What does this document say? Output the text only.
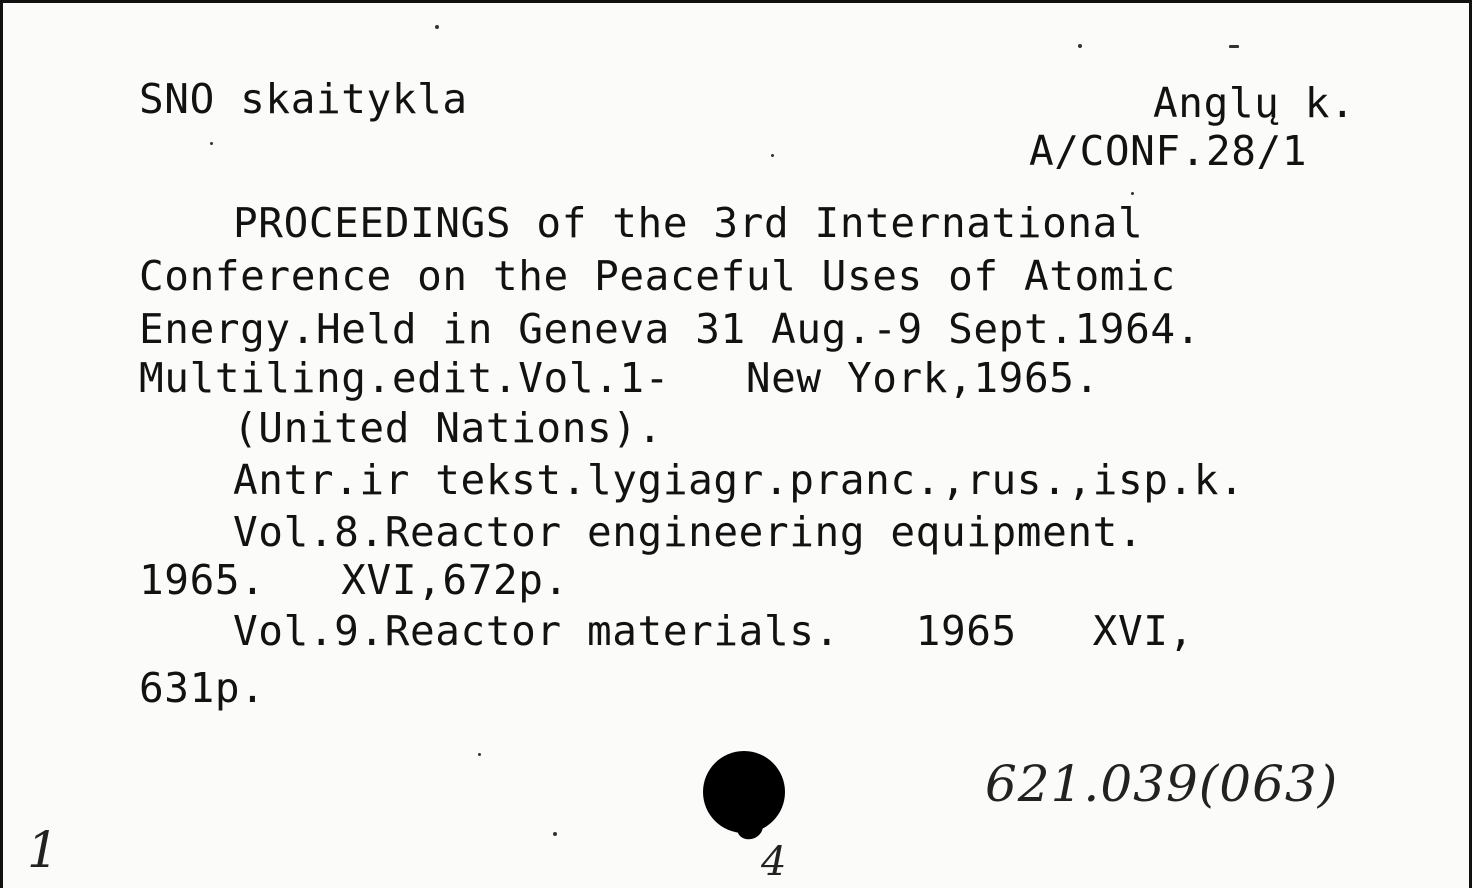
SNO skaitykla	Anglų k.
A/CONF.28/1
PROCEEDINGS of the 3rd International
Conference on the Peaceful Uses of Atomic
Energy.Held in Geneva 31 Aug.-9 Sept.1964.
Multiling.edit.Vol.1-   New York,1965.
(United Nations).
Antr.ir tekst.lygiagr.pranc.,rus.,isp.k.
Vol.8.Reactor engineering equipment.
1965.   XVI,672p.
Vol.9.Reactor materials.   1965   XVI,
631p.
621.039(063)
1	4
